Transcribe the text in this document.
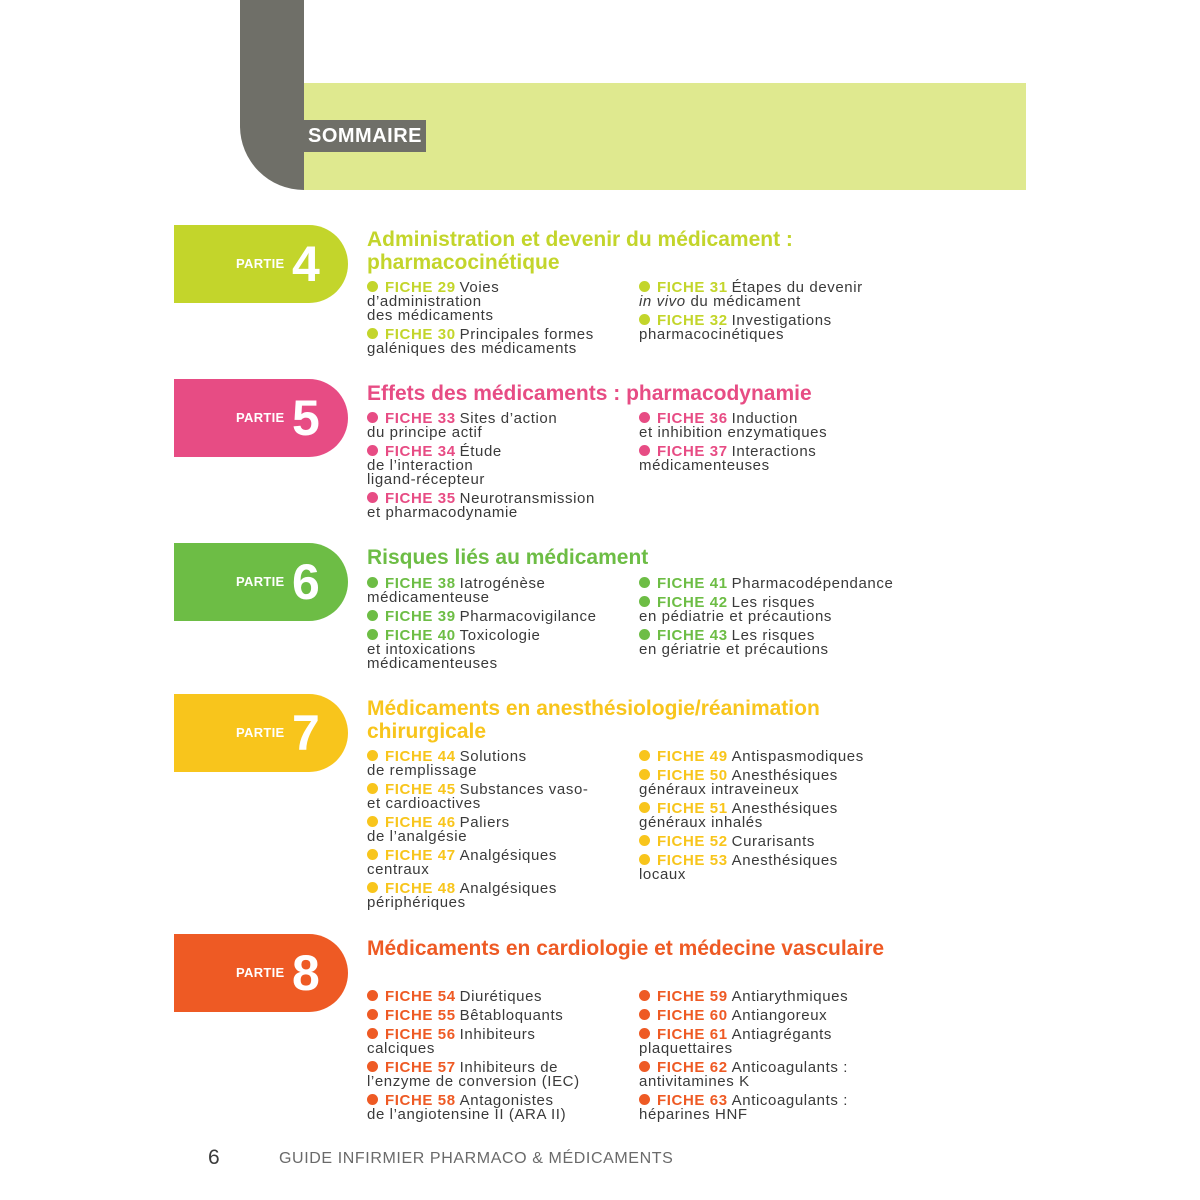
SOMMAIRE
PARTIE 4 Administration et devenir du médicament : pharmacocinétique
FICHE 29 Voies
d’administration
des médicaments
FICHE 30 Principales formes
galéniques des médicaments
FICHE 31 Étapes du devenir
in vivo du médicament
FICHE 32 Investigations
pharmacocinétiques
PARTIE 5 Effets des médicaments : pharmacodynamie
FICHE 33 Sites d’action
du principe actif
FICHE 34 Étude
de l’interaction
ligand-récepteur
FICHE 35 Neurotransmission
et pharmacodynamie
FICHE 36 Induction
et inhibition enzymatiques
FICHE 37 Interactions
médicamenteuses
PARTIE 6 Risques liés au médicament
FICHE 38 Iatrogénèse
médicamenteuse
FICHE 39 Pharmacovigilance
FICHE 40 Toxicologie
et intoxications
médicamenteuses
FICHE 41 Pharmacodépendance
FICHE 42 Les risques
en pédiatrie et précautions
FICHE 43 Les risques
en gériatrie et précautions
PARTIE 7 Médicaments en anesthésiologie/réanimation chirurgicale
FICHE 44 Solutions
de remplissage
FICHE 45 Substances vaso-
et cardioactives
FICHE 46 Paliers
de l’analgésie
FICHE 47 Analgésiques
centraux
FICHE 48 Analgésiques
périphériques
FICHE 49 Antispasmodiques
FICHE 50 Anesthésiques
généraux intraveineux
FICHE 51 Anesthésiques
généraux inhalés
FICHE 52 Curarisants
FICHE 53 Anesthésiques
locaux
PARTIE 8 Médicaments en cardiologie et médecine vasculaire
FICHE 54 Diurétiques
FICHE 55 Bêtabloquants
FICHE 56 Inhibiteurs
calciques
FICHE 57 Inhibiteurs de
l’enzyme de conversion (IEC)
FICHE 58 Antagonistes
de l’angiotensine II (ARA II)
FICHE 59 Antiarythmiques
FICHE 60 Antiangoreux
FICHE 61 Antiagrégants
plaquettaires
FICHE 62 Anticoagulants :
antivitamines K
FICHE 63 Anticoagulants :
héparines HNF
6	GUIDE INFIRMIER PHARMACO & MÉDICAMENTS
